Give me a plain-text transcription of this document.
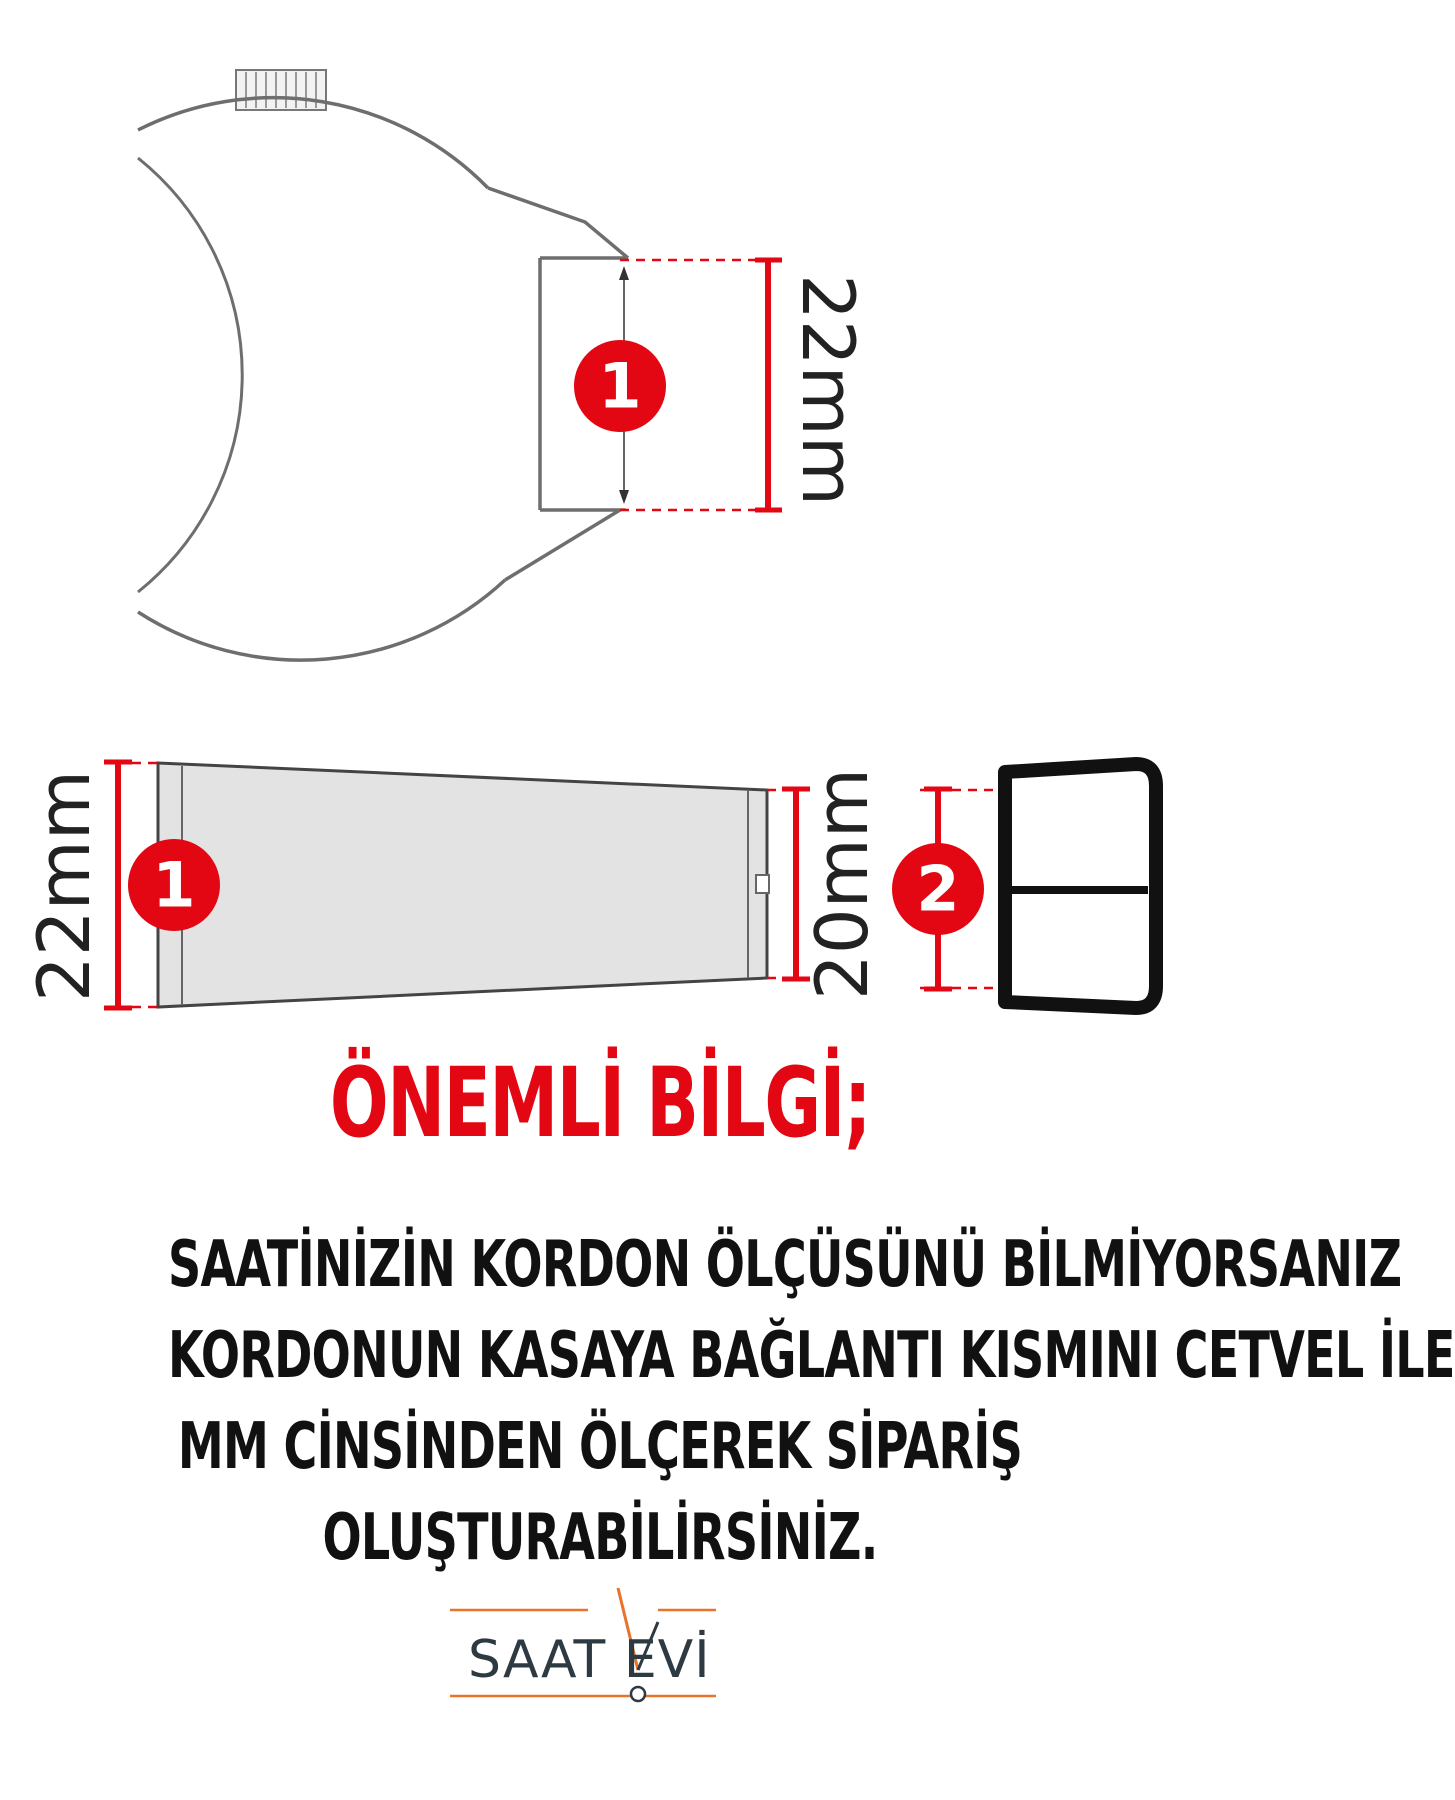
1 22mm
1
22mm	20mm 2
ÖNEMLİ BİLGİ;
SAATİNİZİN KORDON ÖLÇÜSÜNÜ BİLMİYORSANIZ
KORDONUN KASAYA BAĞLANTI KISMINI CETVEL İLE
MM CİNSİNDEN ÖLÇEREK SİPARİŞ
OLUŞTURABİLİRSİNİZ.
SAAT EVİ
